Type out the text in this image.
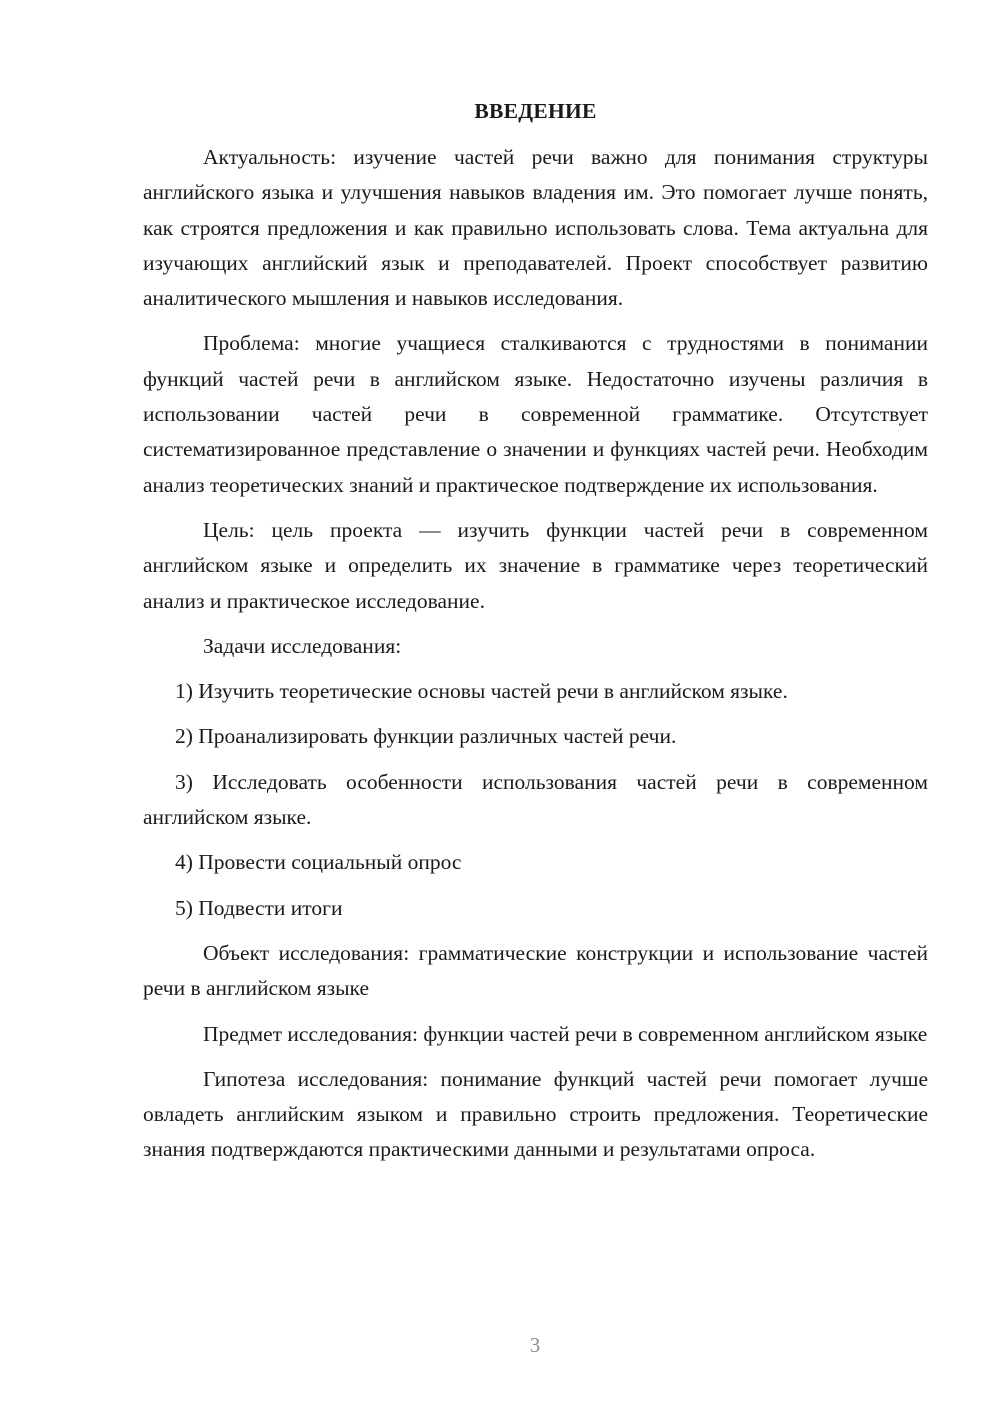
ВВЕДЕНИЕ

Актуальность: изучение частей речи важно для понимания структуры английского языка и улучшения навыков владения им. Это помогает лучше понять, как строятся предложения и как правильно использовать слова. Тема актуальна для изучающих английский язык и преподавателей. Проект способствует развитию аналитического мышления и навыков исследования.

Проблема: многие учащиеся сталкиваются с трудностями в понимании функций частей речи в английском языке. Недостаточно изучены различия в использовании частей речи в современной грамматике. Отсутствует систематизированное представление о значении и функциях частей речи. Необходим анализ теоретических знаний и практическое подтверждение их использования.

Цель: цель проекта — изучить функции частей речи в современном английском языке и определить их значение в грамматике через теоретический анализ и практическое исследование.

Задачи исследования:

1) Изучить теоретические основы частей речи в английском языке.

2) Проанализировать функции различных частей речи.

3) Исследовать особенности использования частей речи в современном английском языке.

4) Провести социальный опрос

5) Подвести итоги

Объект исследования: грамматические конструкции и использование частей речи в английском языке

Предмет исследования: функции частей речи в современном английском языке

Гипотеза исследования: понимание функций частей речи помогает лучше овладеть английским языком и правильно строить предложения. Теоретические знания подтверждаются практическими данными и результатами опроса.

3
